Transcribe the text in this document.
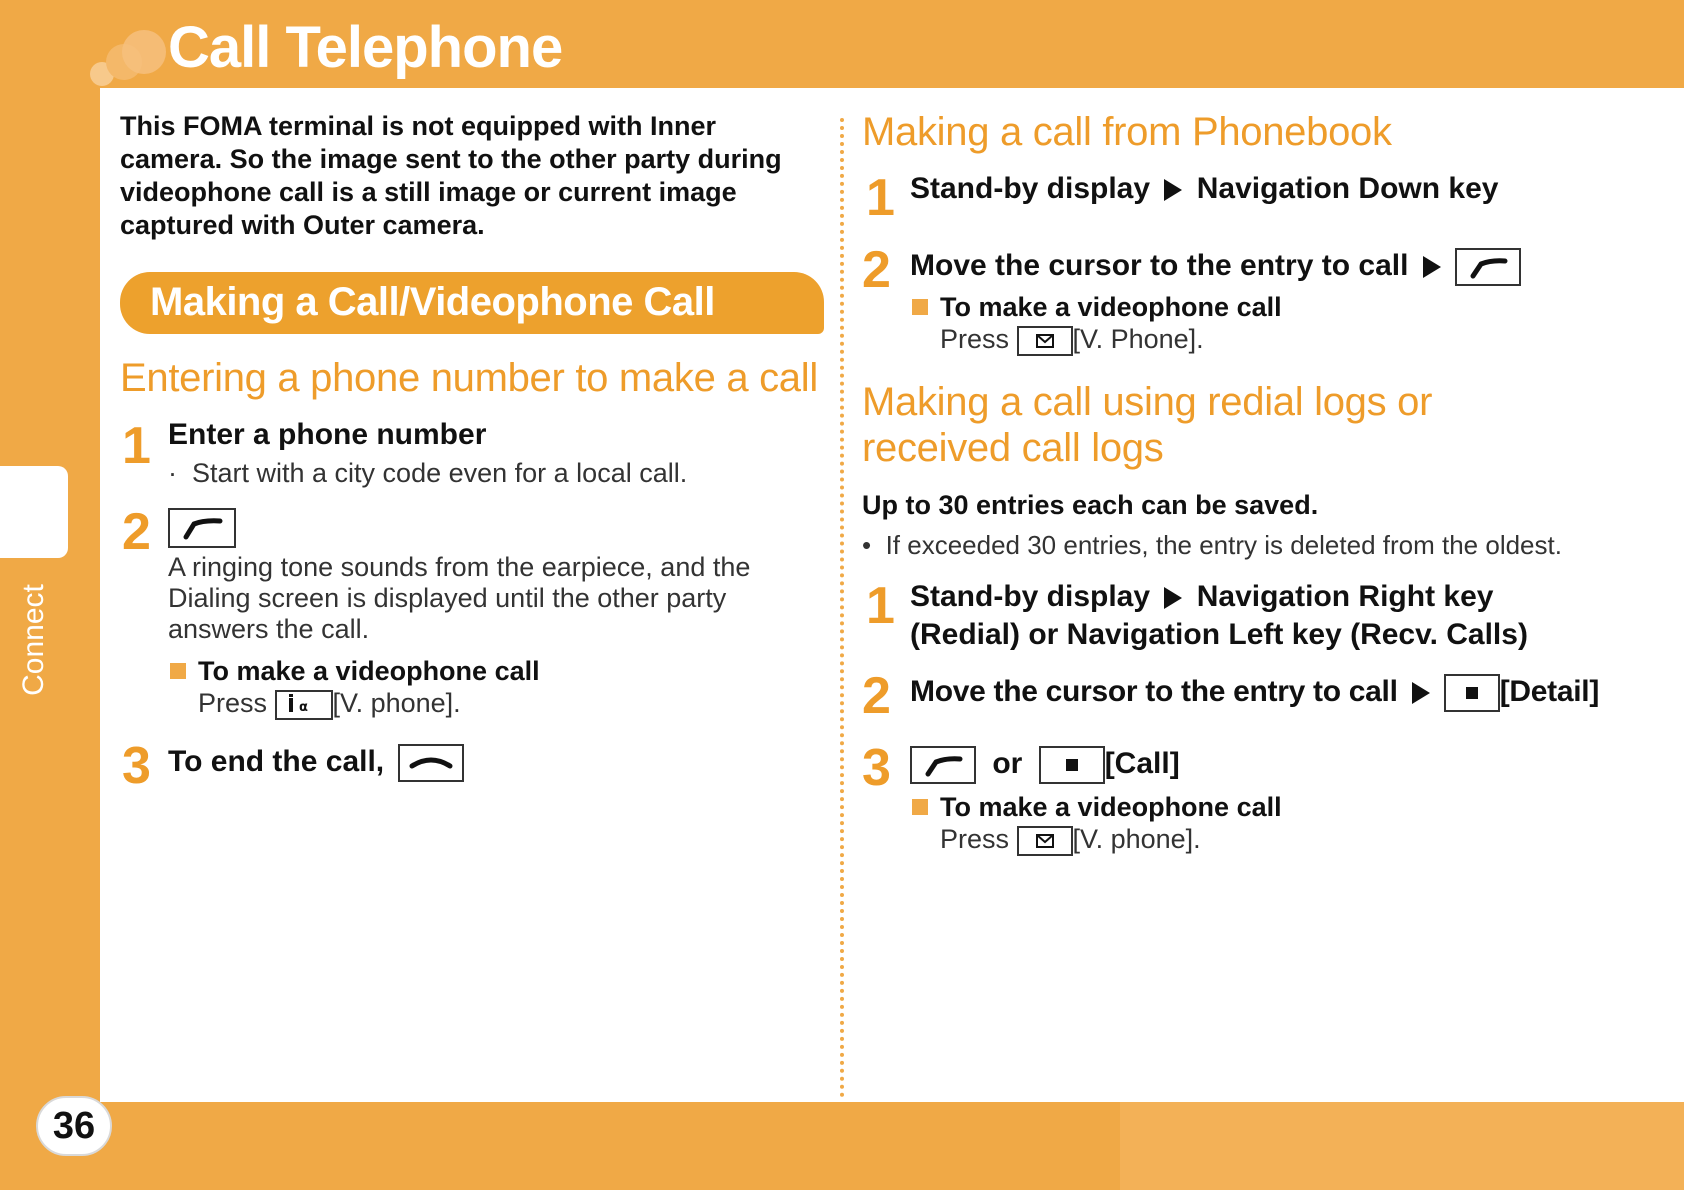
Call Telephone
Connect
36
This FOMA terminal is not equipped with Inner camera. So the image sent to the other party during videophone call is a still image or current image captured with Outer camera.
Making a Call/Videophone Call
Entering a phone number to make a call
1 Enter a phone number
·  Start with a city code even for a local call.
2
A ringing tone sounds from the earpiece, and the Dialing screen is displayed until the other party answers the call.
To make a videophone call
Press α [V. phone].
3 To end the call,
Making a call from Phonebook
1 Stand-by display Navigation Down key
2 Move the cursor to the entry to call
To make a videophone call
Press [V. Phone].
Making a call using redial logs or
received call logs
Up to 30 entries each can be saved.
•  If exceeded 30 entries, the entry is deleted from the oldest.
1 Stand-by display Navigation Right key
(Redial) or Navigation Left key (Recv. Calls)
2 Move the cursor to the entry to call	[Detail]
3	or	[Call]
To make a videophone call
Press [V. phone].
